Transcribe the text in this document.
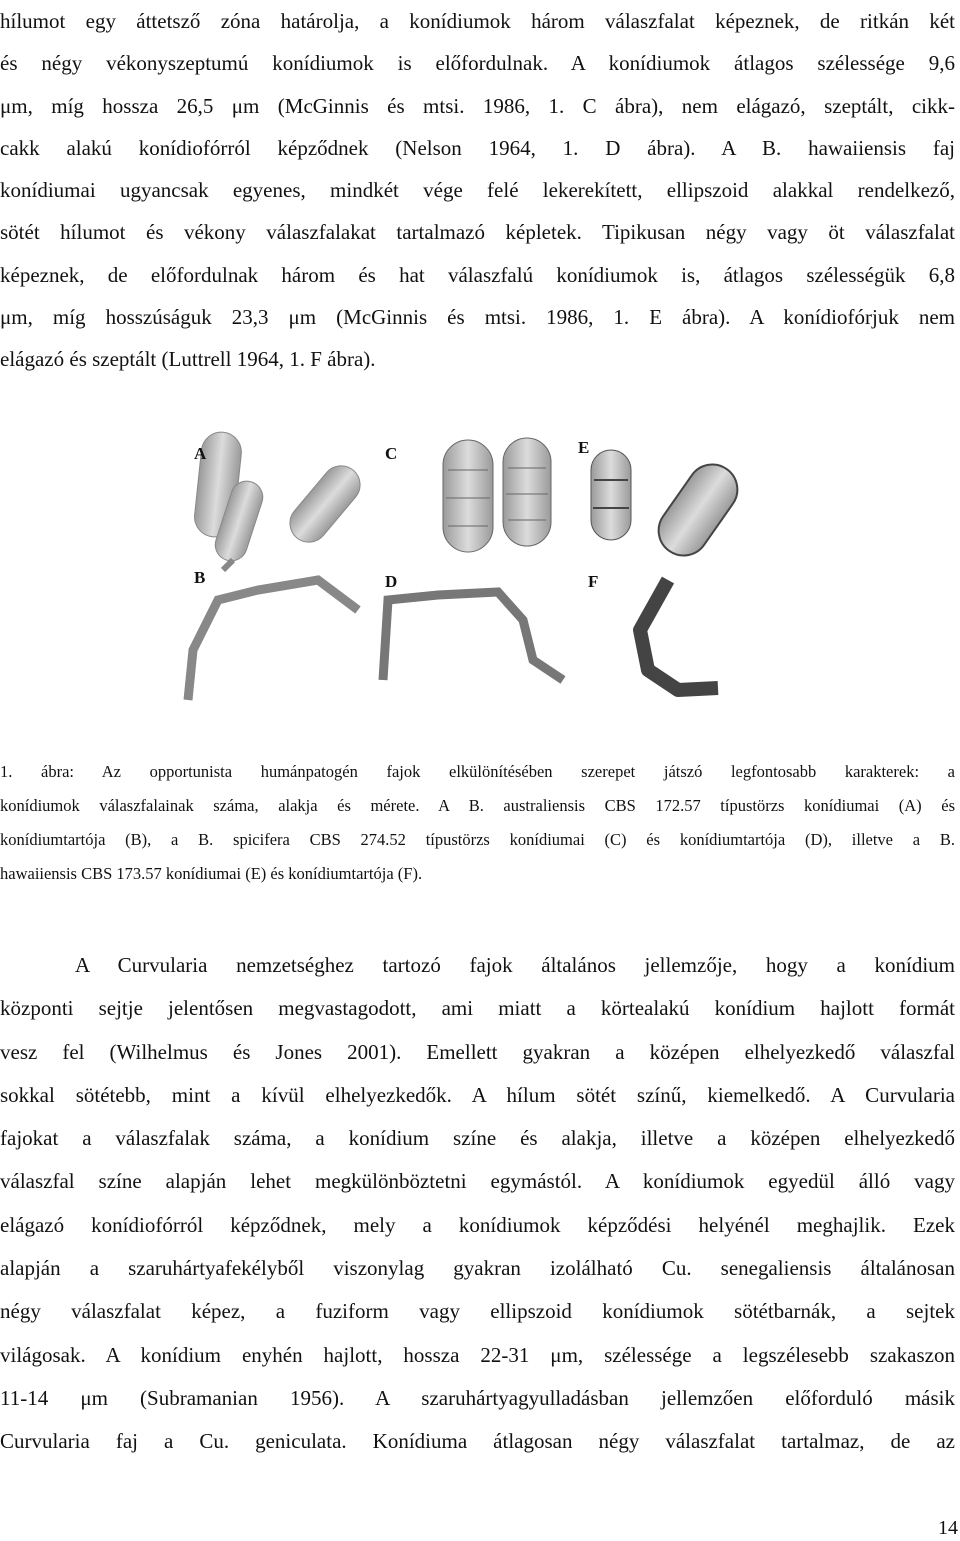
hílumot egy áttetsző zóna határolja, a konídiumok három válaszfalat képeznek, de ritkán két
és négy vékonyszeptumú konídiumok is előfordulnak. A konídiumok átlagos szélessége 9,6
μm, míg hossza 26,5 μm (McGinnis és mtsi. 1986, 1. C ábra), nem elágazó, szeptált, cikk-
cakk alakú konídiofórról képződnek (Nelson 1964, 1. D ábra). A B. hawaiiensis faj
konídiumai ugyancsak egyenes, mindkét vége felé lekerekített, ellipszoid alakkal rendelkező,
sötét hílumot és vékony válaszfalakat tartalmazó képletek. Tipikusan négy vagy öt válaszfalat
képeznek, de előfordulnak három és hat válaszfalú konídiumok is, átlagos szélességük 6,8
μm, míg hosszúságuk 23,3 μm (McGinnis és mtsi. 1986, 1. E ábra). A konídiofórjuk nem
elágazó és szeptált (Luttrell 1964, 1. F ábra).
A	C	E
B	D	F
1. ábra: Az opportunista humánpatogén fajok elkülönítésében szerepet játszó legfontosabb karakterek: a
konídiumok válaszfalainak száma, alakja és mérete. A B. australiensis CBS 172.57 típustörzs konídiumai (A) és
konídiumtartója (B), a B. spicifera CBS 274.52 típustörzs konídiumai (C) és konídiumtartója (D), illetve a B.
hawaiiensis CBS 173.57 konídiumai (E) és konídiumtartója (F).
A Curvularia nemzetséghez tartozó fajok általános jellemzője, hogy a konídium
központi sejtje jelentősen megvastagodott, ami miatt a körtealakú konídium hajlott formát
vesz fel (Wilhelmus és Jones 2001). Emellett gyakran a középen elhelyezkedő válaszfal
sokkal sötétebb, mint a kívül elhelyezkedők. A hílum sötét színű, kiemelkedő. A Curvularia
fajokat a válaszfalak száma, a konídium színe és alakja, illetve a középen elhelyezkedő
válaszfal színe alapján lehet megkülönböztetni egymástól. A konídiumok egyedül álló vagy
elágazó konídiofórról képződnek, mely a konídiumok képződési helyénél meghajlik. Ezek
alapján a szaruhártyafekélyből viszonylag gyakran izolálható Cu. senegaliensis általánosan
négy válaszfalat képez, a fuziform vagy ellipszoid konídiumok sötétbarnák, a sejtek
világosak. A konídium enyhén hajlott, hossza 22-31 μm, szélessége a legszélesebb szakaszon
11-14 μm (Subramanian 1956). A szaruhártyagyulladásban jellemzően előforduló másik
Curvularia faj a Cu. geniculata. Konídiuma átlagosan négy válaszfalat tartalmaz, de az
14
